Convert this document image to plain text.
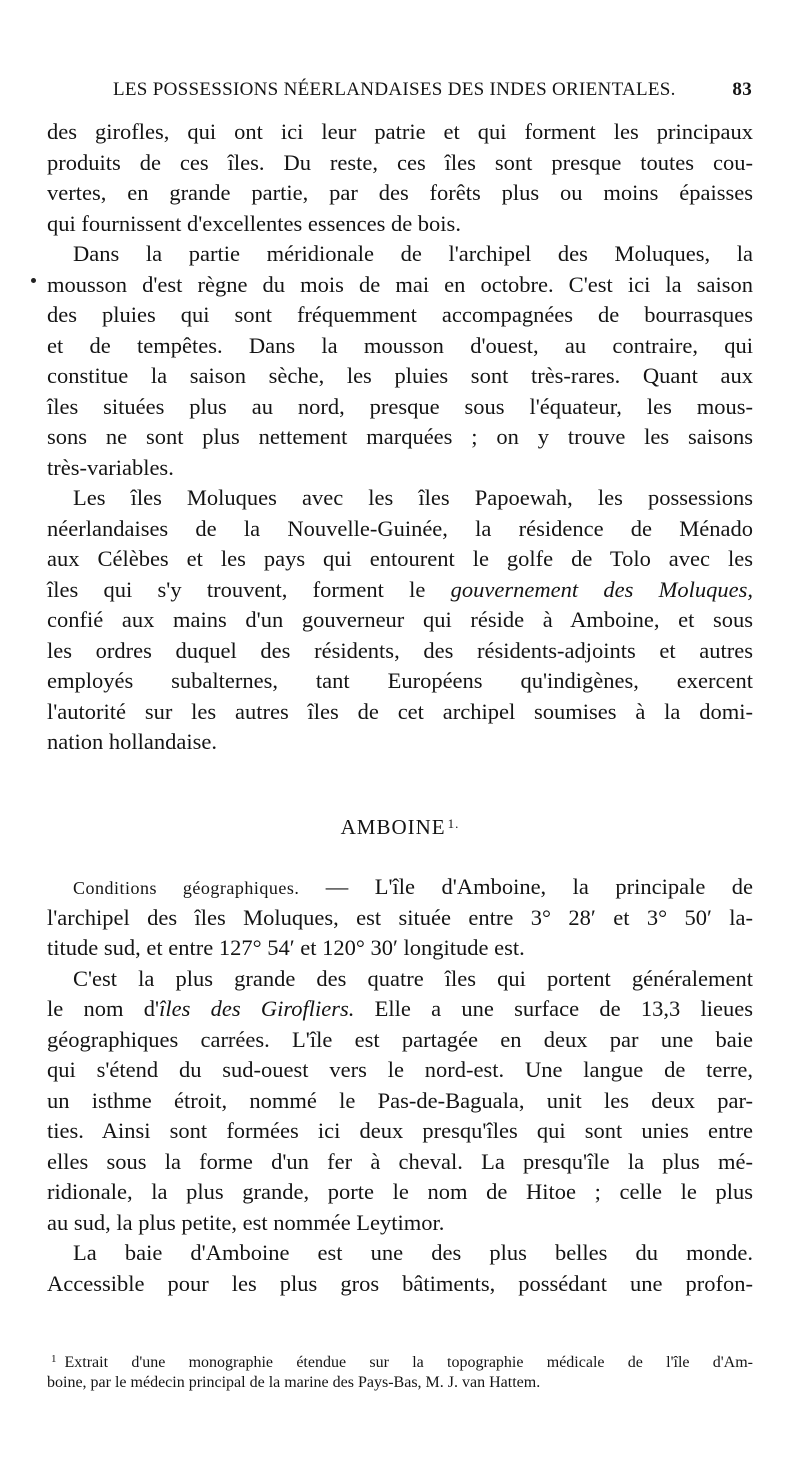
LES POSSESSIONS NÉERLANDAISES DES INDES ORIENTALES.	83
des girofles, qui ont ici leur patrie et qui forment les principaux
produits de ces îles. Du reste, ces îles sont presque toutes cou-
vertes, en grande partie, par des forêts plus ou moins épaisses
qui fournissent d'excellentes essences de bois.
Dans la partie méridionale de l'archipel des Moluques, la
mousson d'est règne du mois de mai en octobre. C'est ici la saison
des pluies qui sont fréquemment accompagnées de bourrasques
et de tempêtes. Dans la mousson d'ouest, au contraire, qui
constitue la saison sèche, les pluies sont très-rares. Quant aux
îles situées plus au nord, presque sous l'équateur, les mous-
sons ne sont plus nettement marquées ; on y trouve les saisons
très-variables.
Les îles Moluques avec les îles Papoewah, les possessions
néerlandaises de la Nouvelle-Guinée, la résidence de Ménado
aux Célèbes et les pays qui entourent le golfe de Tolo avec les
îles qui s'y trouvent, forment le gouvernement des Moluques,
confié aux mains d'un gouverneur qui réside à Amboine, et sous
les ordres duquel des résidents, des résidents-adjoints et autres
employés subalternes, tant Européens qu'indigènes, exercent
l'autorité sur les autres îles de cet archipel soumises à la domi-
nation hollandaise.
AMBOINE $^{1.}$
Conditions géographiques. — L'île d'Amboine, la principale de
l'archipel des îles Moluques, est située entre 3° 28′ et 3° 50′ la-
titude sud, et entre 127° 54′ et 120° 30′ longitude est.
C'est la plus grande des quatre îles qui portent généralement
le nom d'îles des Girofliers. Elle a une surface de 13,3 lieues
géographiques carrées. L'île est partagée en deux par une baie
qui s'étend du sud-ouest vers le nord-est. Une langue de terre,
un isthme étroit, nommé le Pas-de-Baguala, unit les deux par-
ties. Ainsi sont formées ici deux presqu'îles qui sont unies entre
elles sous la forme d'un fer à cheval. La presqu'île la plus mé-
ridionale, la plus grande, porte le nom de Hitoe ; celle le plus
au sud, la plus petite, est nommée Leytimor.
La baie d'Amboine est une des plus belles du monde.
Accessible pour les plus gros bâtiments, possédant une profon-
$^1$ Extrait d'une monographie étendue sur la topographie médicale de l'île d'Am-
boine, par le médecin principal de la marine des Pays-Bas, M. J. van Hattem.
